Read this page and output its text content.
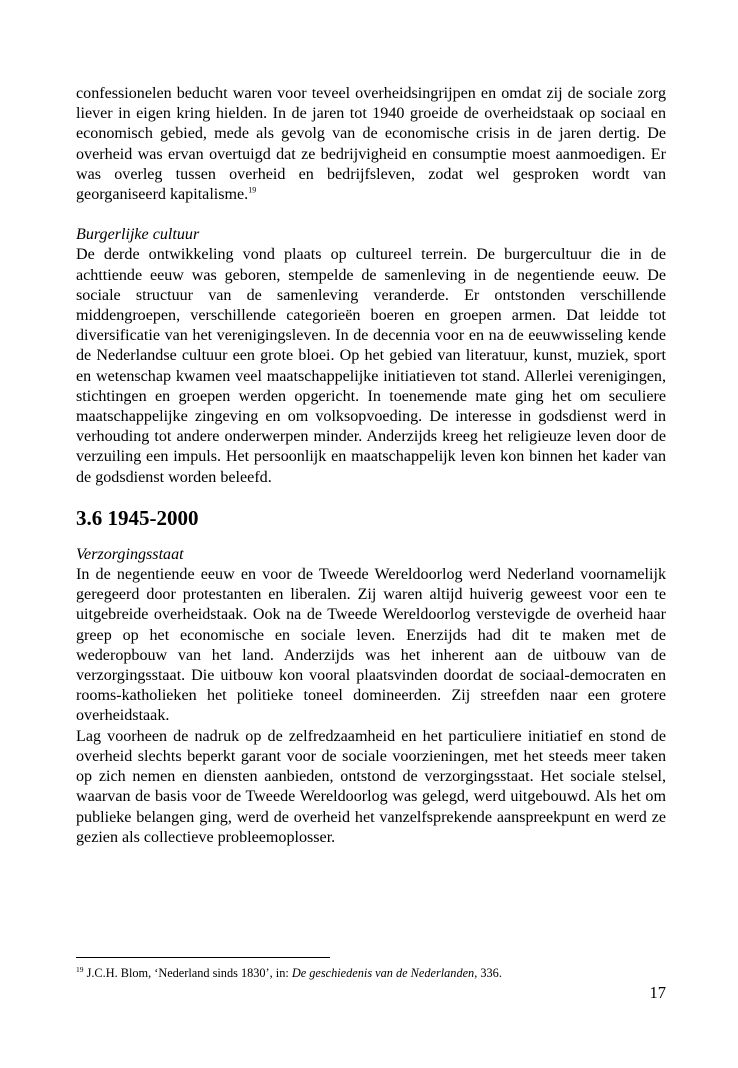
confessionelen beducht waren voor teveel overheidsingrijpen en omdat zij de sociale zorg liever in eigen kring hielden. In de jaren tot 1940 groeide de overheidstaak op sociaal en economisch gebied, mede als gevolg van de economische crisis in de jaren dertig. De overheid was ervan overtuigd dat ze bedrijvigheid en consumptie moest aanmoedigen. Er was overleg tussen overheid en bedrijfsleven, zodat wel gesproken wordt van georganiseerd kapitalisme.$^{19}$

Burgerlijke cultuur

De derde ontwikkeling vond plaats op cultureel terrein. De burgercultuur die in de achttiende eeuw was geboren, stempelde de samenleving in de negentiende eeuw. De sociale structuur van de samenleving veranderde. Er ontstonden verschillende middengroepen, verschillende categorieën boeren en groepen armen. Dat leidde tot diversificatie van het verenigingsleven. In de decennia voor en na de eeuwwisseling kende de Nederlandse cultuur een grote bloei. Op het gebied van literatuur, kunst, muziek, sport en wetenschap kwamen veel maatschappelijke initiatieven tot stand. Allerlei verenigingen, stichtingen en groepen werden opgericht. In toenemende mate ging het om seculiere maatschappelijke zingeving en om volksopvoeding. De interesse in godsdienst werd in verhouding tot andere onderwerpen minder. Anderzijds kreeg het religieuze leven door de verzuiling een impuls. Het persoonlijk en maatschappelijk leven kon binnen het kader van de godsdienst worden beleefd.

3.6 1945-2000

Verzorgingsstaat

In de negentiende eeuw en voor de Tweede Wereldoorlog werd Nederland voornamelijk geregeerd door protestanten en liberalen. Zij waren altijd huiverig geweest voor een te uitgebreide overheidstaak. Ook na de Tweede Wereldoorlog verstevigde de overheid haar greep op het economische en sociale leven. Enerzijds had dit te maken met de wederopbouw van het land. Anderzijds was het inherent aan de uitbouw van de verzorgingsstaat. Die uitbouw kon vooral plaatsvinden doordat de sociaal-democraten en rooms-katholieken het politieke toneel domineerden. Zij streefden naar een grotere overheidstaak.

Lag voorheen de nadruk op de zelfredzaamheid en het particuliere initiatief en stond de overheid slechts beperkt garant voor de sociale voorzieningen, met het steeds meer taken op zich nemen en diensten aanbieden, ontstond de verzorgingsstaat. Het sociale stelsel, waarvan de basis voor de Tweede Wereldoorlog was gelegd, werd uitgebouwd. Als het om publieke belangen ging, werd de overheid het vanzelfsprekende aanspreekpunt en werd ze gezien als collectieve probleemoplosser.

$^{19}$ J.C.H. Blom, ‘Nederland sinds 1830’, in: De geschiedenis van de Nederlanden, 336.
17
